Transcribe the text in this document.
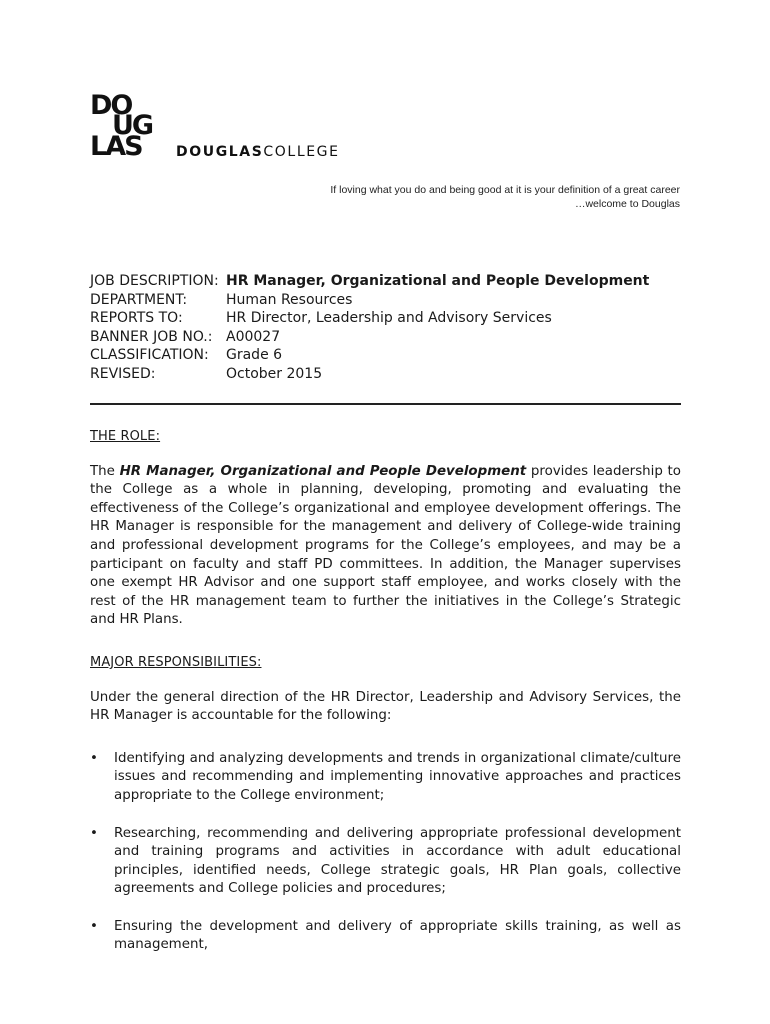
DO
UG
LAS DOUGLASCOLLEGE
If loving what you do and being good at it is your definition of a great career
…welcome to Douglas
JOB DESCRIPTION: HR Manager, Organizational and People Development
DEPARTMENT:	Human Resources
REPORTS TO:	HR Director, Leadership and Advisory Services
BANNER JOB NO.: A00027
CLASSIFICATION:	Grade 6
REVISED:	October 2015
THE ROLE:

The HR Manager, Organizational and People Development provides leadership to the College as a whole in planning, developing, promoting and evaluating the effectiveness of the College’s organizational and employee development offerings. The HR Manager is responsible for the management and delivery of College-wide training and professional development programs for the College’s employees, and may be a participant on faculty and staff PD committees. In addition, the Manager supervises one exempt HR Advisor and one support staff employee, and works closely with the rest of the HR management team to further the initiatives in the College’s Strategic and HR Plans.

MAJOR RESPONSIBILITIES:

Under the general direction of the HR Director, Leadership and Advisory Services, the HR Manager is accountable for the following:

• Identifying and analyzing developments and trends in organizational climate/culture issues and recommending and implementing innovative approaches and practices appropriate to the College environment;
• Researching, recommending and delivering appropriate professional development and training programs and activities in accordance with adult educational principles, identified needs, College strategic goals, HR Plan goals, collective agreements and College policies and procedures;
• Ensuring the development and delivery of appropriate skills training, as well as management,
